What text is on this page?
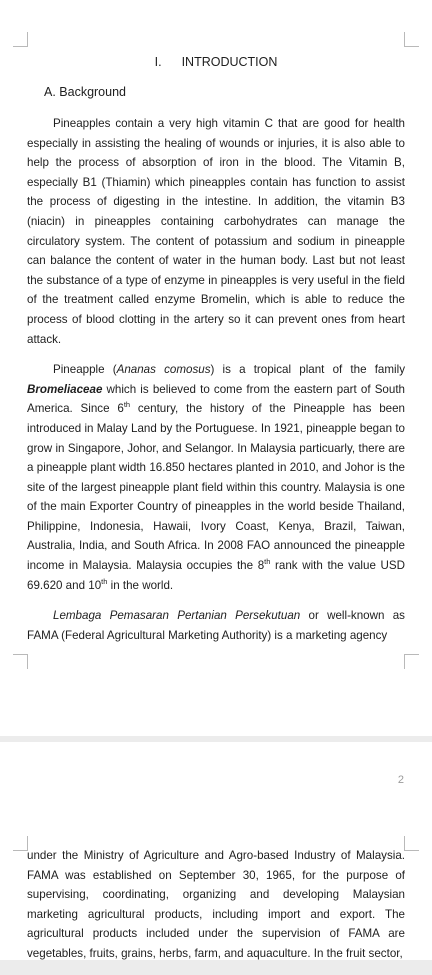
I. INTRODUCTION
A. Background

Pineapples contain a very high vitamin C that are good for health especially in assisting the healing of wounds or injuries, it is also able to help the process of absorption of iron in the blood. The Vitamin B, especially B1 (Thiamin) which pineapples contain has function to assist the process of digesting in the intestine. In addition, the vitamin B3 (niacin) in pineapples containing carbohydrates can manage the circulatory system. The content of potassium and sodium in pineapple can balance the content of water in the human body. Last but not least the substance of a type of enzyme in pineapples is very useful in the field of the treatment called enzyme Bromelin, which is able to reduce the process of blood clotting in the artery so it can prevent ones from heart attack.

Pineapple (Ananas comosus) is a tropical plant of the family Bromeliaceae which is believed to come from the eastern part of South America. Since 6th century, the history of the Pineapple has been introduced in Malay Land by the Portuguese. In 1921, pineapple began to grow in Singapore, Johor, and Selangor. In Malaysia particuarly, there are a pineapple plant width 16.850 hectares planted in 2010, and Johor is the site of the largest pineapple plant field within this country. Malaysia is one of the main Exporter Country of pineapples in the world beside Thailand, Philippine, Indonesia, Hawaii, Ivory Coast, Kenya, Brazil, Taiwan, Australia, India, and South Africa. In 2008 FAO announced the pineapple income in Malaysia. Malaysia occupies the 8th rank with the value USD 69.620 and 10th in the world.

Lembaga Pemasaran Pertanian Persekutuan or well-known as FAMA (Federal Agricultural Marketing Authority) is a marketing agency

2

under the Ministry of Agriculture and Agro-based Industry of Malaysia. FAMA was established on September 30, 1965, for the purpose of supervising, coordinating, organizing and developing Malaysian marketing agricultural products, including import and export. The agricultural products included under the supervision of FAMA are vegetables, fruits, grains, herbs, farm, and aquaculture. In the fruit sector,
